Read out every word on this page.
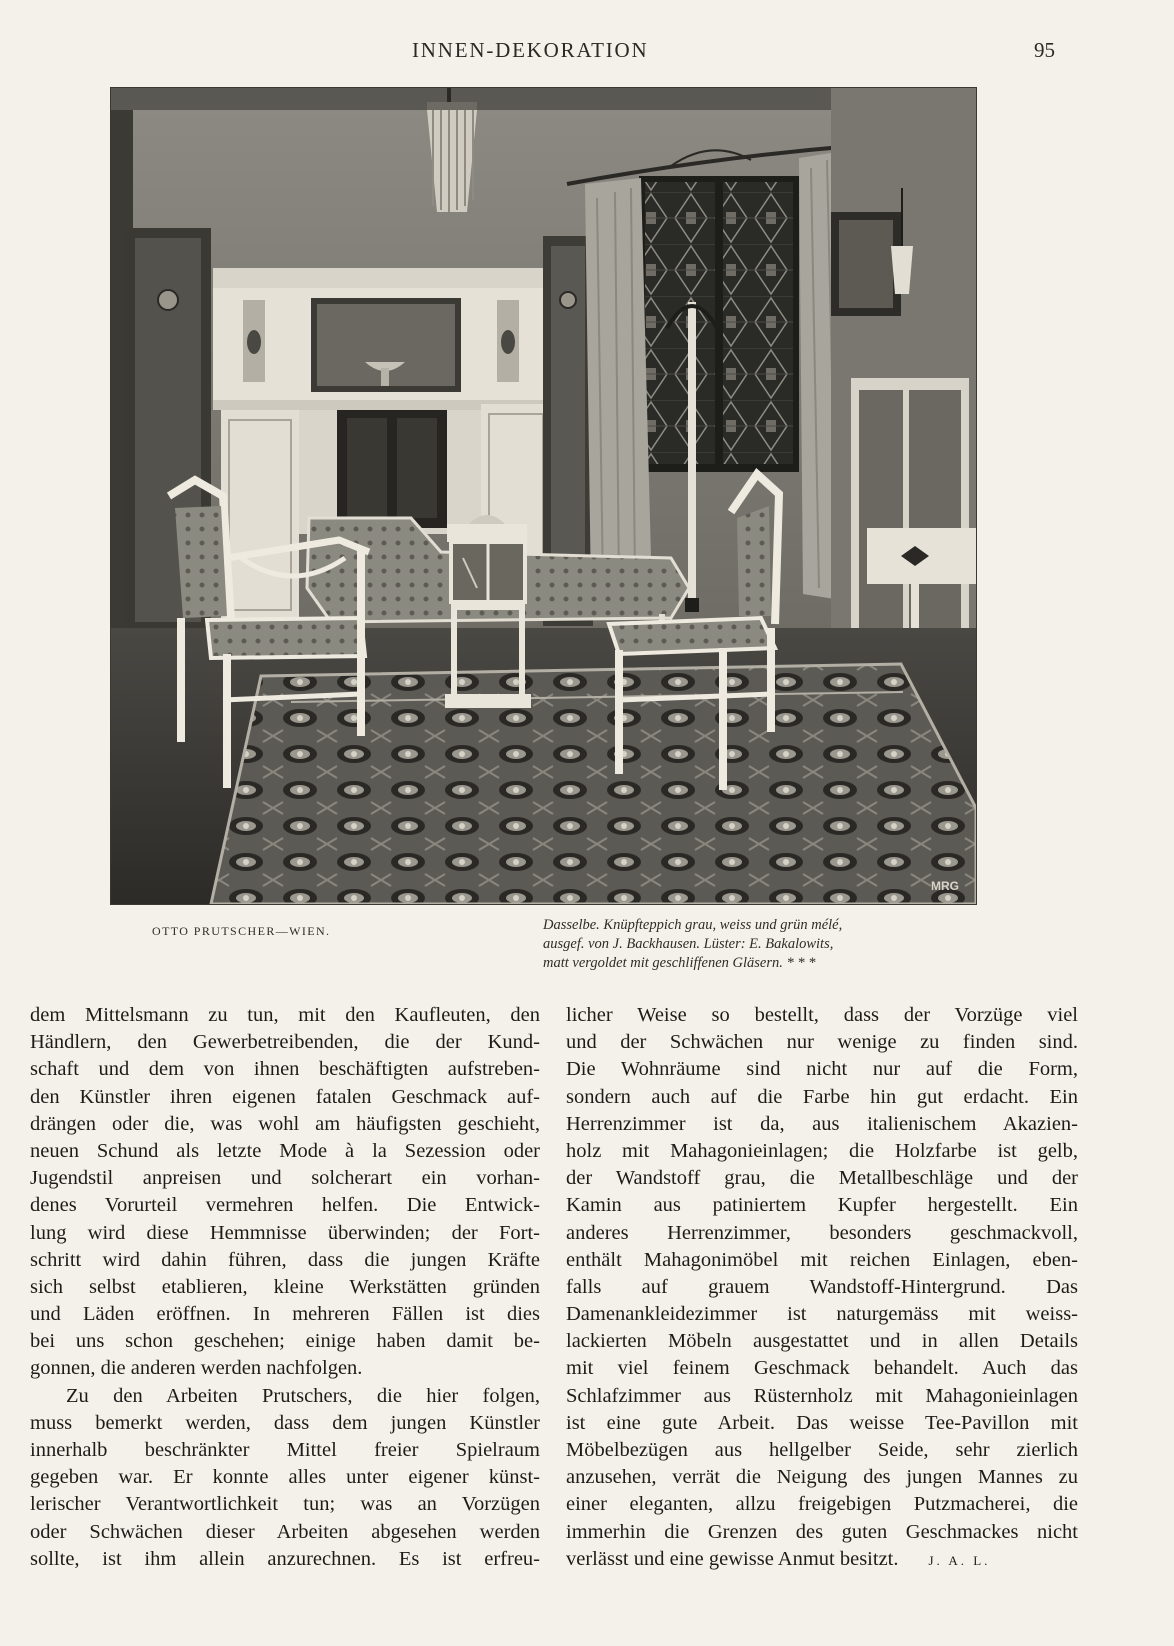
INNEN-DEKORATION	95
MRG
OTTO PRUTSCHER—WIEN.	Dasselbe. Knüpfteppich grau, weiss und grün mélé,
ausgef. von J. Backhausen. Lüster: E. Bakalowits,
matt vergoldet mit geschliffenen Gläsern. * * *
dem Mittelsmann zu tun, mit den Kaufleuten, den
Händlern, den Gewerbetreibenden, die der Kund-
schaft und dem von ihnen beschäftigten aufstreben-
den Künstler ihren eigenen fatalen Geschmack auf-
drängen oder die, was wohl am häufigsten geschieht,
neuen Schund als letzte Mode à la Sezession oder
Jugendstil anpreisen und solcherart ein vorhan-
denes Vorurteil vermehren helfen. Die Entwick-
lung wird diese Hemmnisse überwinden; der Fort-
schritt wird dahin führen, dass die jungen Kräfte
sich selbst etablieren, kleine Werkstätten gründen
und Läden eröffnen. In mehreren Fällen ist dies
bei uns schon geschehen; einige haben damit be-
gonnen, die anderen werden nachfolgen.
Zu den Arbeiten Prutschers, die hier folgen,
muss bemerkt werden, dass dem jungen Künstler
innerhalb beschränkter Mittel freier Spielraum
gegeben war. Er konnte alles unter eigener künst-
lerischer Verantwortlichkeit tun; was an Vorzügen
oder Schwächen dieser Arbeiten abgesehen werden
sollte, ist ihm allein anzurechnen. Es ist erfreu-
licher Weise so bestellt, dass der Vorzüge viel
und der Schwächen nur wenige zu finden sind.
Die Wohnräume sind nicht nur auf die Form,
sondern auch auf die Farbe hin gut erdacht. Ein
Herrenzimmer ist da, aus italienischem Akazien-
holz mit Mahagonieinlagen; die Holzfarbe ist gelb,
der Wandstoff grau, die Metallbeschläge und der
Kamin aus patiniertem Kupfer hergestellt. Ein
anderes Herrenzimmer, besonders geschmackvoll,
enthält Mahagonimöbel mit reichen Einlagen, eben-
falls auf grauem Wandstoff-Hintergrund. Das
Damenankleidezimmer ist naturgemäss mit weiss-
lackierten Möbeln ausgestattet und in allen Details
mit viel feinem Geschmack behandelt. Auch das
Schlafzimmer aus Rüsternholz mit Mahagonieinlagen
ist eine gute Arbeit. Das weisse Tee-Pavillon mit
Möbelbezügen aus hellgelber Seide, sehr zierlich
anzusehen, verrät die Neigung des jungen Mannes zu
einer eleganten, allzu freigebigen Putzmacherei, die
immerhin die Grenzen des guten Geschmackes nicht
verlässt und eine gewisse Anmut besitzt. J. A. L.
